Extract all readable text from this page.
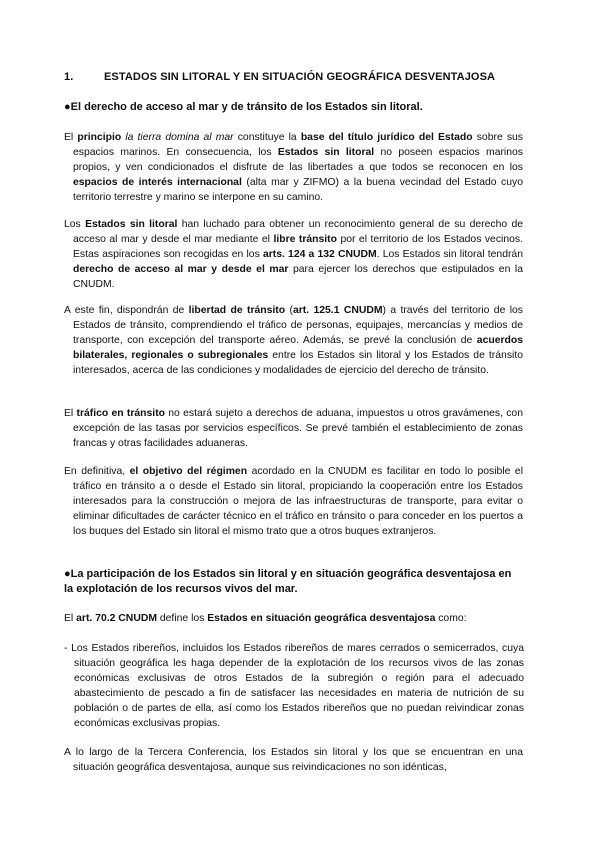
1.	ESTADOS SIN LITORAL Y EN SITUACIÓN GEOGRÁFICA DESVENTAJOSA
●El derecho de acceso al mar y de tránsito de los Estados sin litoral.
El principio la tierra domina al mar constituye la base del título jurídico del Estado sobre sus espacios marinos. En consecuencia, los Estados sin litoral no poseen espacios marinos propios, y ven condicionados el disfrute de las libertades a que todos se reconocen en los espacios de interés internacional (alta mar y ZIFMO) a la buena vecindad del Estado cuyo territorio terrestre y marino se interpone en su camino.
Los Estados sin litoral han luchado para obtener un reconocimiento general de su derecho de acceso al mar y desde el mar mediante el libre tránsito por el territorio de los Estados vecinos. Estas aspiraciones son recogidas en los arts. 124 a 132 CNUDM. Los Estados sin litoral tendrán derecho de acceso al mar y desde el mar para ejercer los derechos que estipulados en la CNUDM.
A este fin, dispondrán de libertad de tránsito (art. 125.1 CNUDM) a través del territorio de los Estados de tránsito, comprendiendo el tráfico de personas, equipajes, mercancías y medios de transporte, con excepción del transporte aéreo. Además, se prevé la conclusión de acuerdos bilaterales, regionales o subregionales entre los Estados sin litoral y los Estados de tránsito interesados, acerca de las condiciones y modalidades de ejercicio del derecho de tránsito.
El tráfico en tránsito no estará sujeto a derechos de aduana, impuestos u otros gravámenes, con excepción de las tasas por servicios específicos. Se prevé también el establecimiento de zonas francas y otras facilidades aduaneras.
En definitiva, el objetivo del régimen acordado en la CNUDM es facilitar en todo lo posible el tráfico en tránsito a o desde el Estado sin litoral, propiciando la cooperación entre los Estados interesados para la construcción o mejora de las infraestructuras de transporte, para evitar o eliminar dificultades de carácter técnico en el tráfico en tránsito o para conceder en los puertos a los buques del Estado sin litoral el mismo trato que a otros buques extranjeros.
●La participación de los Estados sin litoral y en situación geográfica desventajosa en la explotación de los recursos vivos del mar.
El art. 70.2 CNUDM define los Estados en situación geográfica desventajosa como:
- Los Estados ribereños, incluidos los Estados ribereños de mares cerrados o semicerrados, cuya situación geográfica les haga depender de la explotación de los recursos vivos de las zonas económicas exclusivas de otros Estados de la subregión o región para el adecuado abastecimiento de pescado a fin de satisfacer las necesidades en materia de nutrición de su población o de partes de ella, así como los Estados ribereños que no puedan reivindicar zonas económicas exclusivas propias.
A lo largo de la Tercera Conferencia, los Estados sin litoral y los que se encuentran en una situación geográfica desventajosa, aunque sus reivindicaciones no son idénticas,
